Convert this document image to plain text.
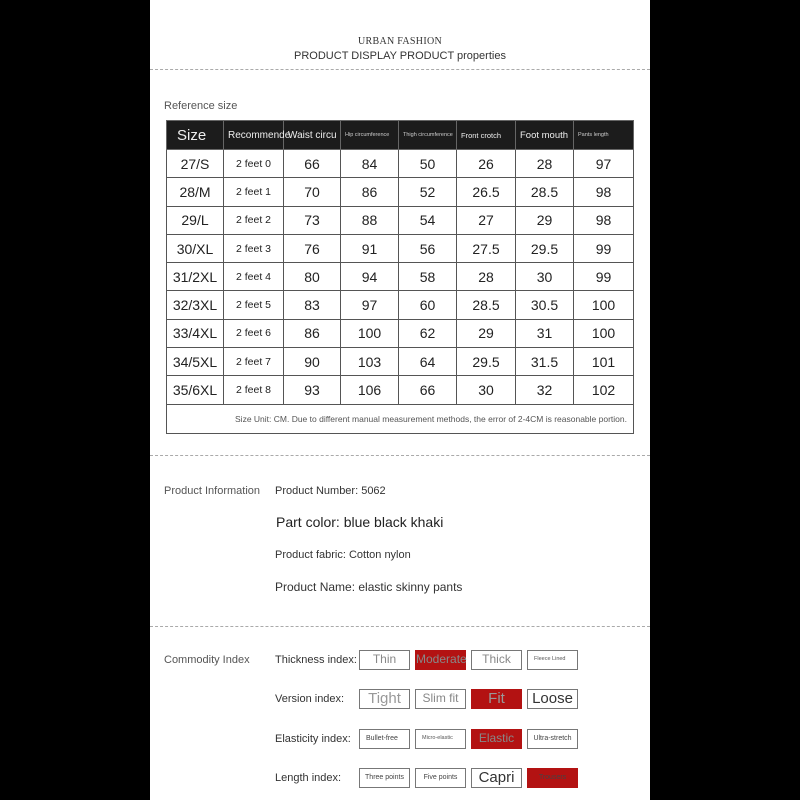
URBAN FASHION
PRODUCT DISPLAY PRODUCT properties
Reference size
Size	Recommende	Waist circu	Hip circumference	Thigh circumference	Front crotch	Foot mouth	Pants length
27/S	2 feet 0	66	84	50	26	28	97
28/M	2 feet 1	70	86	52	26.5	28.5	98
29/L	2 feet 2	73	88	54	27	29	98
30/XL	2 feet 3	76	91	56	27.5	29.5	99
31/2XL	2 feet 4	80	94	58	28	30	99
32/3XL	2 feet 5	83	97	60	28.5	30.5	100
33/4XL	2 feet 6	86	100	62	29	31	100
34/5XL	2 feet 7	90	103	64	29.5	31.5	101
35/6XL	2 feet 8	93	106	66	30	32	102
Size Unit: CM. Due to different manual measurement methods, the error of 2-4CM is reasonable portion.							
Product Information Product Number: 5062
Part color: blue black khaki
Product fabric: Cotton nylon
Product Name: elastic skinny pants
Commodity Index Thickness index:	Thin	Moderate	Thick	Fleece Lined
Version index:	Tight	Slim fit	Fit	Loose
Elasticity index:	Bullet-free	Micro-elastic	Elastic	Ultra-stretch
Length index:	Three points	Five points	Capri	Trousers
